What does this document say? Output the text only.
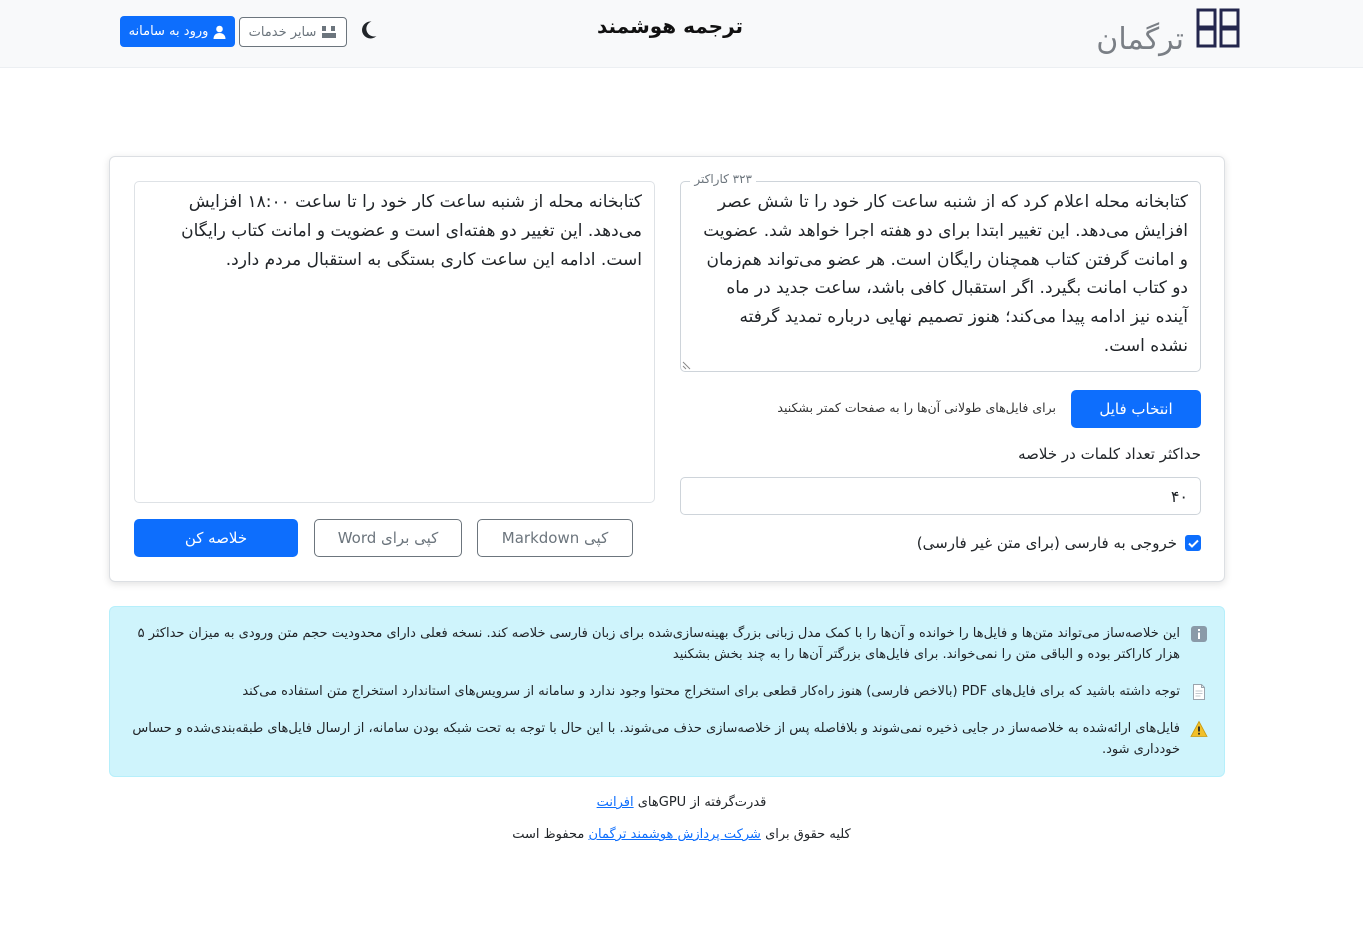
ترگمان
ترجمه هوشمند
سایر خدمات
ورود به سامانه
۳۲۳ کاراکتر
کتابخانه محله اعلام کرد که از شنبه ساعت کار خود را تا شش عصر افزایش می‌دهد. این تغییر ابتدا برای دو هفته اجرا خواهد شد. عضویت و امانت گرفتن کتاب همچنان رایگان است. هر عضو می‌تواند هم‌زمان دو کتاب امانت بگیرد. اگر استقبال کافی باشد، ساعت جدید در ماه آینده نیز ادامه پیدا می‌کند؛ هنوز تصمیم نهایی درباره تمدید گرفته نشده است.
انتخاب فایل
برای فایل‌های طولانی آن‌ها را به صفحات کمتر بشکنید
حداکثر تعداد کلمات در خلاصه
۴۰
خروجی به فارسی (برای متن غیر فارسی)
کتابخانه محله از شنبه ساعت کار خود را تا ساعت ۱۸:۰۰ افزایش می‌دهد. این تغییر دو هفته‌ای است و عضویت و امانت کتاب رایگان است. ادامه این ساعت کاری بستگی به استقبال مردم دارد.
خلاصه کن	کپی برای Word	کپی Markdown
این خلاصه‌ساز می‌تواند متن‌ها و فایل‌ها را خوانده و آن‌ها را با کمک مدل زبانی بزرگ بهینه‌سازی‌شده برای زبان فارسی خلاصه کند. نسخه فعلی دارای محدودیت حجم متن ورودی به میزان حداکثر ۵ هزار کاراکتر بوده و الباقی متن را نمی‌خواند. برای فایل‌های بزرگتر آن‌ها را به چند بخش بشکنید
توجه داشته باشید که برای فایل‌های PDF (بالاخص فارسی) هنوز راه‌کار قطعی برای استخراج محتوا وجود ندارد و سامانه از سرویس‌های استاندارد استخراج متن استفاده می‌کند
فایل‌های ارائه‌شده به خلاصه‌ساز در جایی ذخیره نمی‌شوند و بلافاصله پس از خلاصه‌سازی حذف می‌شوند. با این حال با توجه به تحت شبکه بودن سامانه، از ارسال فایل‌های طبقه‌بندی‌شده و حساس خودداری شود.
قدرت‌گرفته از GPUهای افرانت
کلیه حقوق برای شرکت پردازش هوشمند ترگمان محفوظ است
